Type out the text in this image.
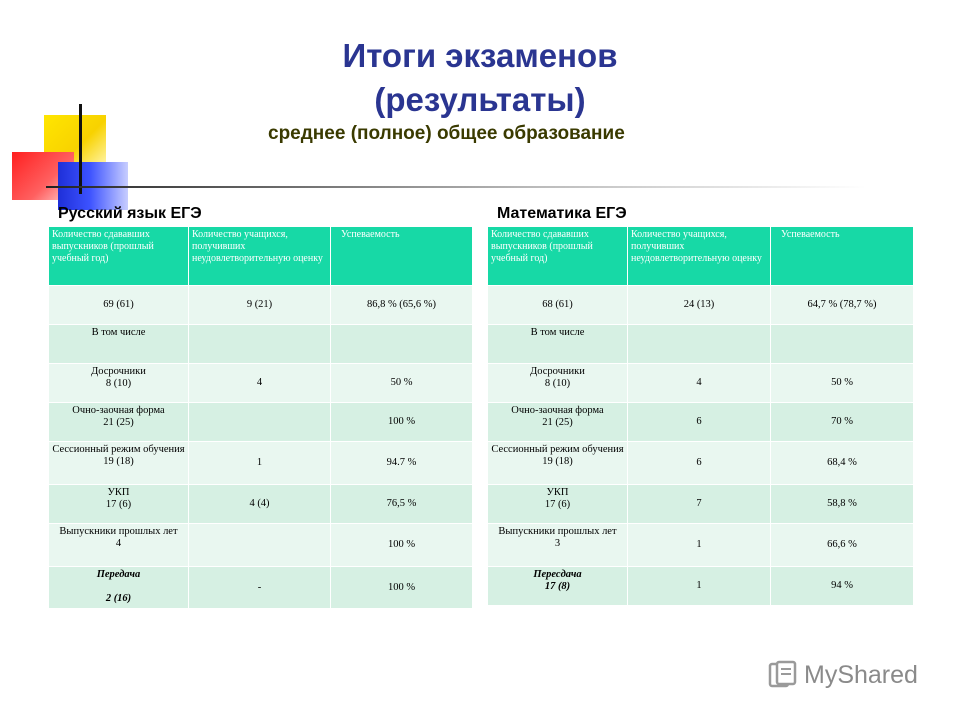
Итоги экзаменов
(результаты)
среднее (полное) общее образование
Русский язык ЕГЭ	Математика ЕГЭ
Количество сдававших выпускников (прошлый учебный год)	Количество учащихся, получивших неудовлетворительную оценку	Успеваемость
69 (61)	9 (21)	86,8 % (65,6 %)
В том числе		
Досрочники
8 (10)	4	50 %
Очно-заочная форма
21 (25)		100 %
Сессионный режим обучения
19 (18)	1	94.7 %
УКП
17 (6)	4 (4)	76,5 %
Выпускники прошлых лет
4		100 %
Передача

2 (16)	-	100 %
Количество сдававших выпускников (прошлый учебный год)	Количество учащихся, получивших неудовлетворительную оценку	Успеваемость
68 (61)	24 (13)	64,7 % (78,7 %)
В том числе		
Досрочники
8 (10)	4	50 %
Очно-заочная форма
21 (25)	6	70 %
Сессионный режим обучения
19 (18)	6	68,4 %
УКП
17 (6)	7	58,8 %
Выпускники прошлых лет
3	1	66,6 %
Пересдача
17 (8)	1	94 %
MyShared
